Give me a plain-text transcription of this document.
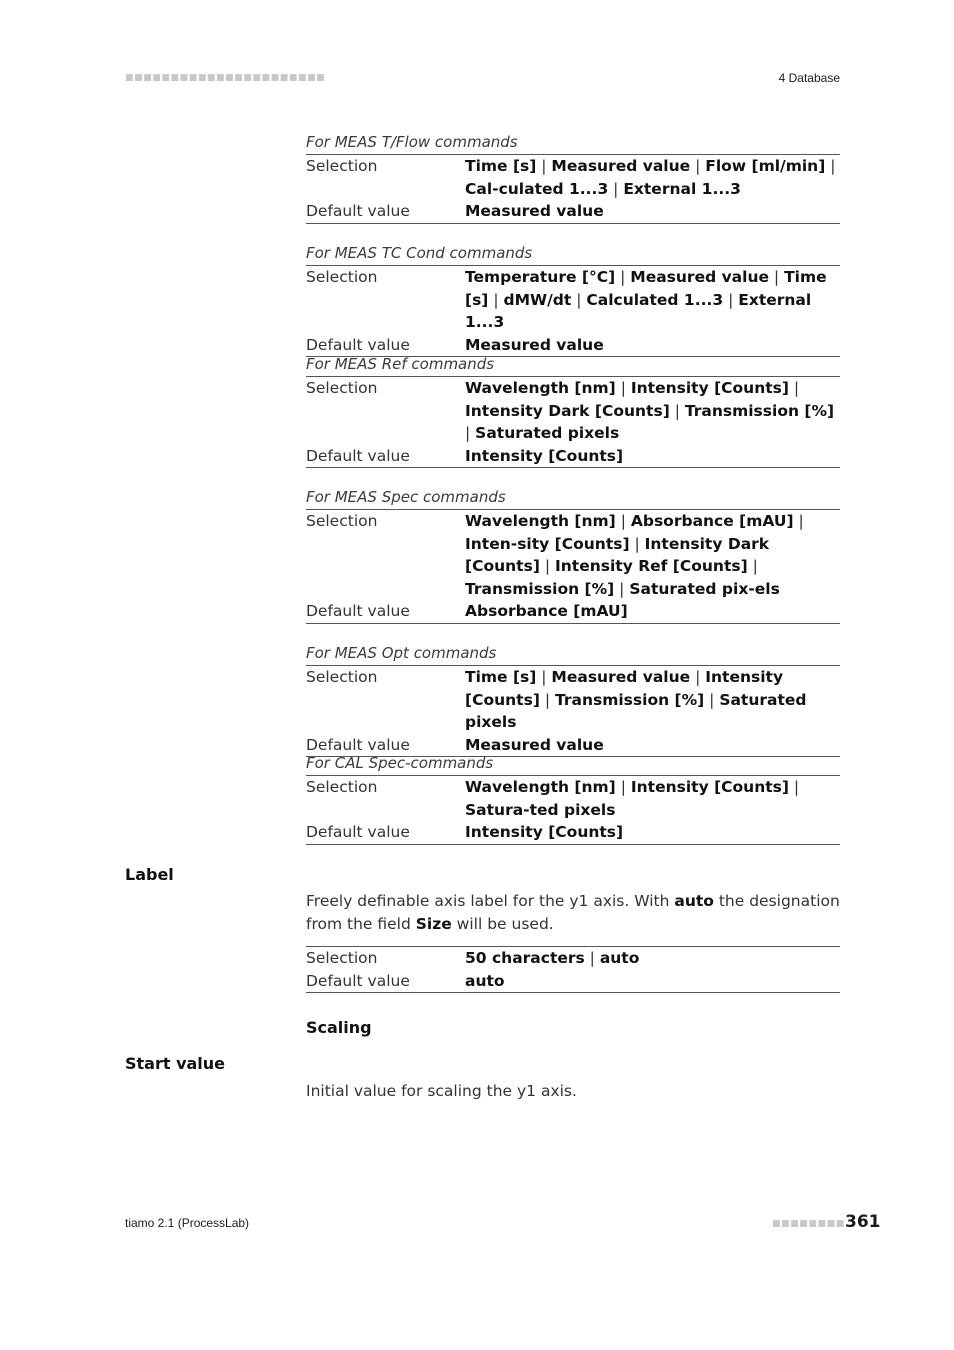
■■■■■■■■■■■■■■■■■■■■■■	4 Database
For MEAS T/Flow commands
Selection	Time [s] | Measured value | Flow [ml/min] | Cal-culated 1...3 | External 1...3
Default value	Measured value
For MEAS TC Cond commands
Selection	Temperature [°C] | Measured value | Time [s] | dMW/dt | Calculated 1...3 | External 1...3
Default value	Measured value
For MEAS Ref commands
Selection	Wavelength [nm] | Intensity [Counts] | Intensity Dark [Counts] | Transmission [%] | Saturated pixels
Default value	Intensity [Counts]
For MEAS Spec commands
Selection	Wavelength [nm] | Absorbance [mAU] | Inten-sity [Counts] | Intensity Dark [Counts] | Intensity Ref [Counts] | Transmission [%] | Saturated pix-els
Default value	Absorbance [mAU]
For MEAS Opt commands
Selection	Time [s] | Measured value | Intensity [Counts] | Transmission [%] | Saturated pixels
Default value	Measured value
For CAL Spec-commands
Selection	Wavelength [nm] | Intensity [Counts] | Satura-ted pixels
Default value	Intensity [Counts]
Label
Freely definable axis label for the y1 axis. With auto the designation from the field Size will be used.
Selection	50 characters | auto
Default value	auto
Scaling
Start value
Initial value for scaling the y1 axis.
tiamo 2.1 (ProcessLab)	■■■■■■■■ 361
